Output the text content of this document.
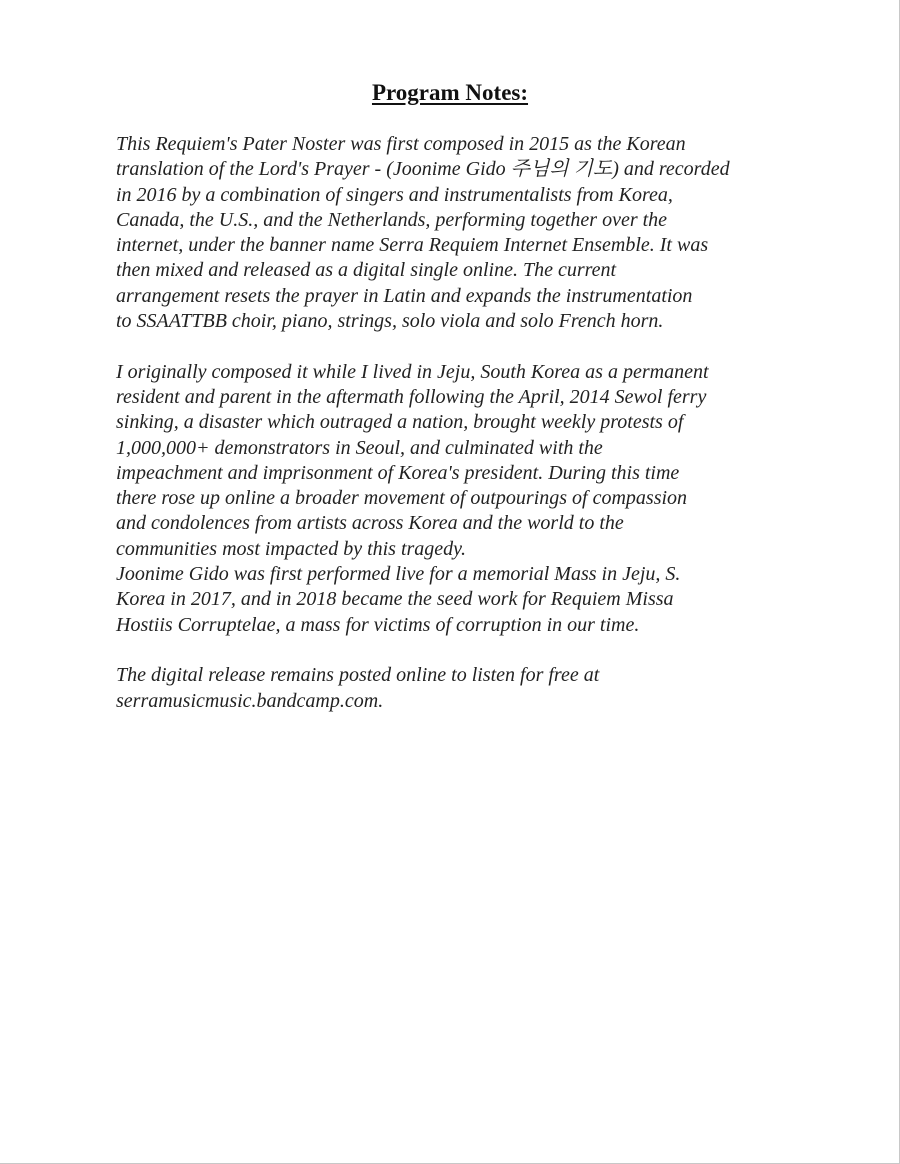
Program Notes:

This Requiem's Pater Noster was first composed in 2015 as the Korean
translation of the Lord's Prayer - (Joonime Gido 주님의 기도) and recorded
in 2016 by a combination of singers and instrumentalists from Korea,
Canada, the U.S., and the Netherlands, performing together over the
internet, under the banner name Serra Requiem Internet Ensemble. It was
then mixed and released as a digital single online. The current
arrangement resets the prayer in Latin and expands the instrumentation
to SSAATTBB choir, piano, strings, solo viola and solo French horn.

I originally composed it while I lived in Jeju, South Korea as a permanent
resident and parent in the aftermath following the April, 2014 Sewol ferry
sinking, a disaster which outraged a nation, brought weekly protests of
1,000,000+ demonstrators in Seoul, and culminated with the
impeachment and imprisonment of Korea's president. During this time
there rose up online a broader movement of outpourings of compassion
and condolences from artists across Korea and the world to the
communities most impacted by this tragedy.

Joonime Gido was first performed live for a memorial Mass in Jeju, S.
Korea in 2017, and in 2018 became the seed work for Requiem Missa
Hostiis Corruptelae, a mass for victims of corruption in our time.

The digital release remains posted online to listen for free at
serramusicmusic.bandcamp.com.
